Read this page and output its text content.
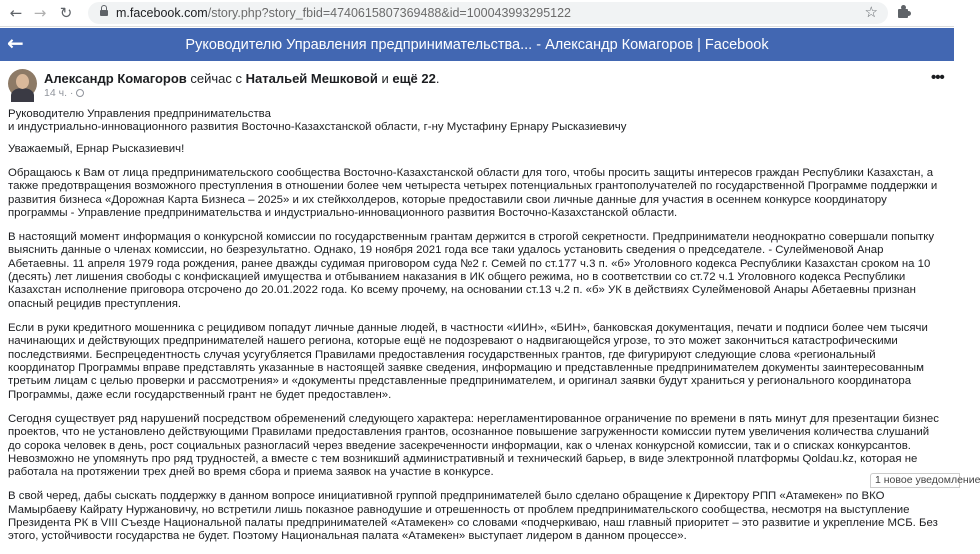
← → ↻	m.facebook.com/story.php?story_fbid=4740615807369488&id=100043993295122	☆
←	Руководителю Управления предпринимательства... - Александр Комагоров | Facebook
Александр Комагоров сейчас с Натальей Мешковой и ещё 22.
14 ч. ·
•••

Руководителю Управления предпринимательства
и индустриально-инновационного развития Восточно-Казахстанской области, г-ну Мустафину Ернару Рысказиевичу

Уважаемый, Ернар Рысказиевич!

Обращаюсь к Вам от лица предпринимательского сообщества Восточно-Казахстанской области для того, чтобы просить защиты интересов граждан Республики Казахстан, а также предотвращения возможного преступления в отношении более чем четыреста четырех потенциальных грантополучателей по государственной Программе поддержки и развития бизнеса «Дорожная Карта Бизнеса – 2025» и их стейкхолдеров, которые предоставили свои личные данные для участия в осеннем конкурсе координатору программы - Управление предпринимательства и индустриально-инновационного развития Восточно-Казахстанской области.

В настоящий момент информация о конкурсной комиссии по государственным грантам держится в строгой секретности. Предприниматели неоднократно совершали попытку выяснить данные о членах комиссии, но безрезультатно. Однако, 19 ноября 2021 года все таки удалось установить сведения о председателе. - Сулейменовой Анар Абетаевны. 11 апреля 1979 года рождения, ранее дважды судимая приговором суда №2 г. Семей по ст.177 ч.3 п. «б» Уголовного кодекса Республики Казахстан сроком на 10 (десять) лет лишения свободы с конфискацией имущества и отбыванием наказания в ИК общего режима, но в соответствии со ст.72 ч.1 Уголовного кодекса Республики Казахстан исполнение приговора отсрочено до 20.01.2022 года. Ко всему прочему, на основании ст.13 ч.2 п. «б» УК в действиях Сулейменовой Анары Абетаевны признан опасный рецидив преступления.

Если в руки кредитного мошенника с рецидивом попадут личные данные людей, в частности «ИИН», «БИН», банковская документация, печати и подписи более чем тысячи начинающих и действующих предпринимателей нашего региона, которые ещё не подозревают о надвигающейся угрозе, то это может закончиться катастрофическими последствиями. Беспрецедентность случая усугубляется Правилами предоставления государственных грантов, где фигурируют следующие слова «региональный координатор Программы вправе представлять указанные в настоящей заявке сведения, информацию и представленные предпринимателем документы заинтересованным третьим лицам с целью проверки и рассмотрения» и «документы представленные предпринимателем, и оригинал заявки будут храниться у регионального координатора Программы, даже если государственный грант не будет предоставлен».

Сегодня существует ряд нарушений посредством обременений следующего характера: нерегламентированное ограничение по времени в пять минут для презентации бизнес проектов, что не установлено действующими Правилами предоставления грантов, осознанное повышение загруженности комиссии путем увеличения количества слушаний до сорока человек в день, рост социальных разногласий через введение засекреченности информации, как о членах конкурсной комиссии, так и о списках конкурсантов. Невозможно не упомянуть про ряд трудностей, а вместе с тем возникший административный и технический барьер, в виде электронной платформы Qoldau.kz, которая не работала на протяжении трех дней во время сбора и приема заявок на участие в конкурсе.

В свой черед, дабы сыскать поддержку в данном вопросе инициативной группой предпринимателей было сделано обращение к Директору РПП «Атамекен» по ВКО Мамырбаеву Кайрату Нуржановичу, но встретили лишь показное равнодушие и отрешенность от проблем предпринимательского сообщества, несмотря на выступление Президента РК в VIII Съезде Национальной палаты предпринимателей «Атамекен» со словами «подчеркиваю, наш главный приоритет – это развитие и укрепление МСБ. Без этого, устойчивости государства не будет. Поэтому Национальная палата «Атамекен» выступает лидером в данном процессе».

1 новое уведомление
